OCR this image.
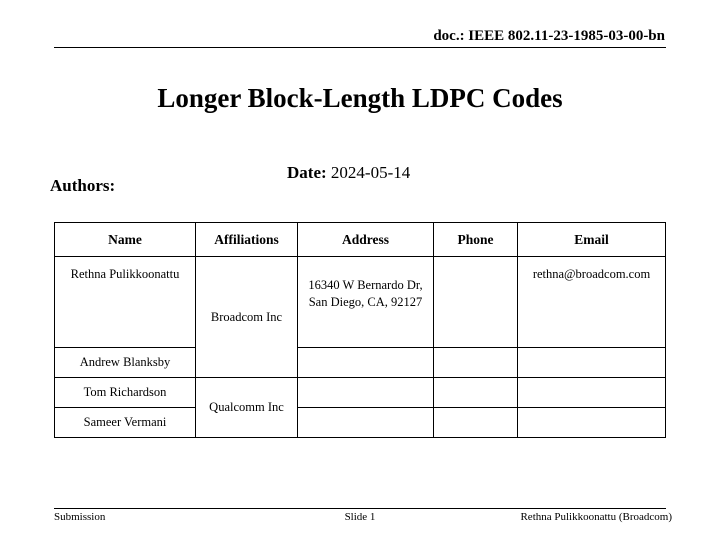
doc.: IEEE 802.11-23-1985-03-00-bn
Longer Block-Length LDPC Codes
Date: 2024-05-14
Authors:
Name	Affiliations	Address	Phone	Email
Rethna Pulikkoonattu	Broadcom Inc	16340 W Bernardo Dr, San Diego, CA, 92127		rethna@broadcom.com
Andrew Blanksby				
Tom Richardson	Qualcomm Inc			
Sameer Vermani				
Submission	Slide 1	Rethna Pulikkoonattu (Broadcom)
